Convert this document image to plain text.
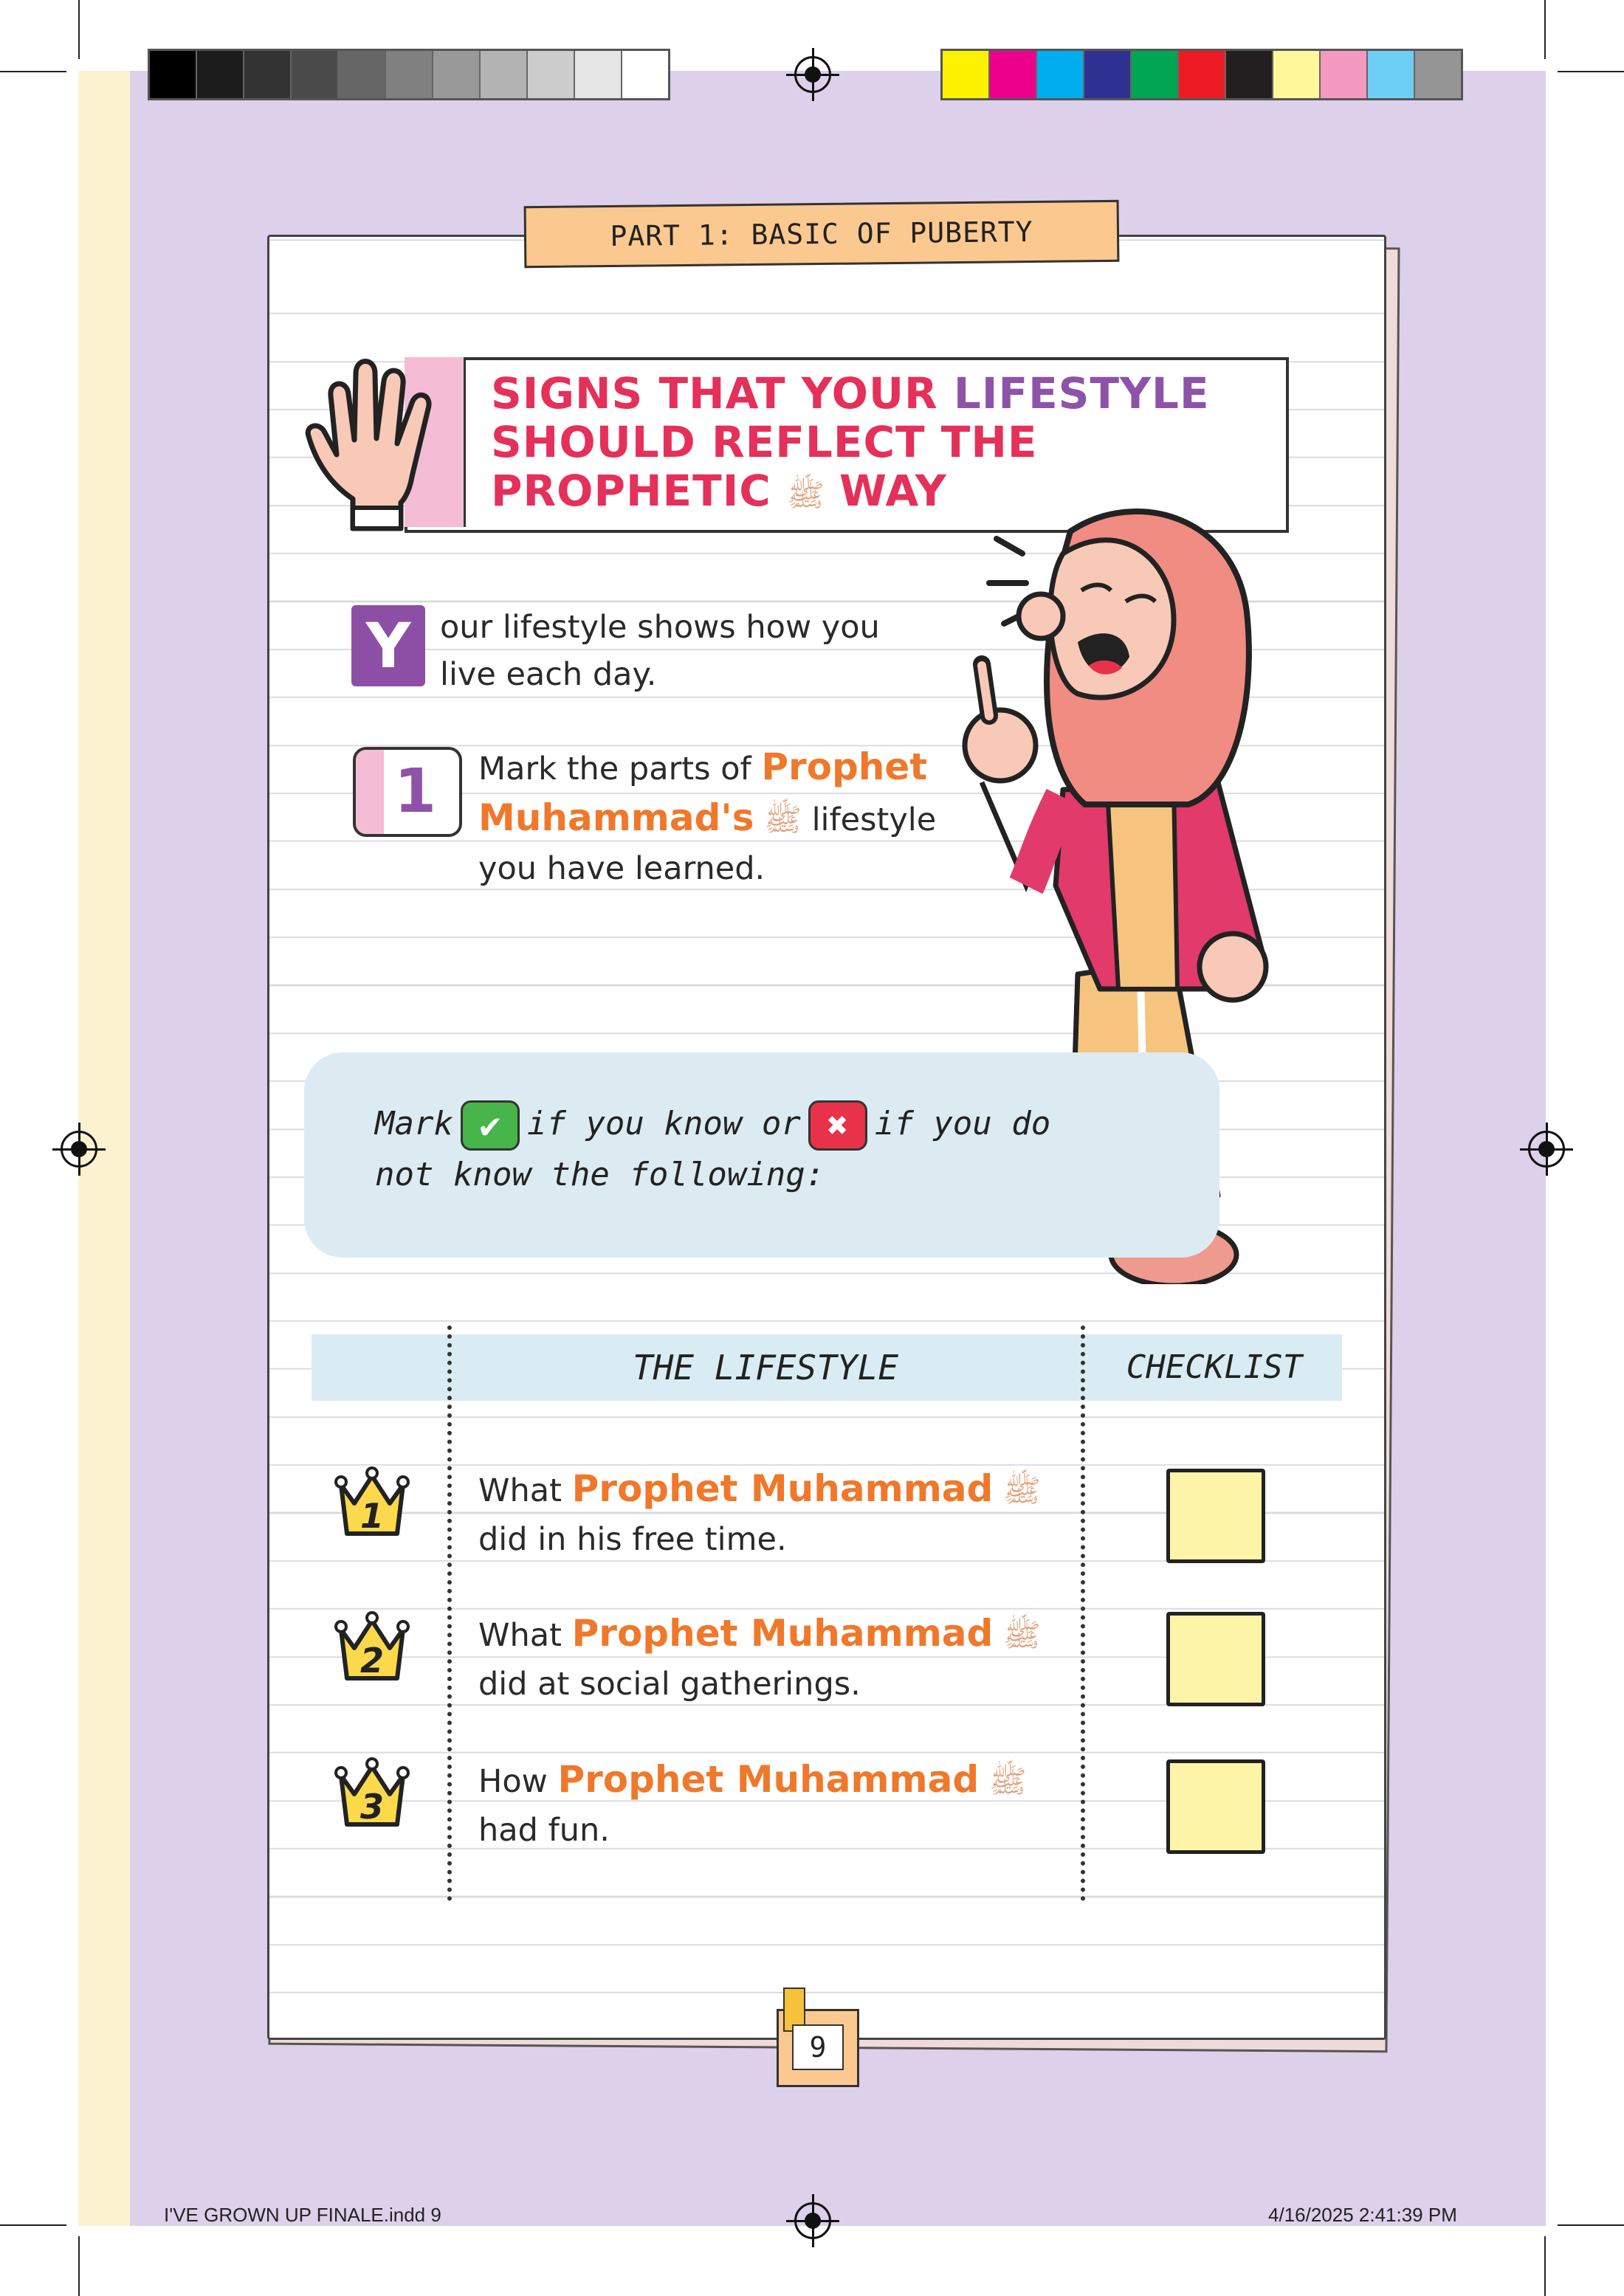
PART 1: BASIC OF PUBERTY
SIGNS THAT YOUR LIFESTYLE
SHOULD REFLECT THE
PROPHETIC ﷺ WAY
Y our lifestyle shows how you
live each day.
1 Mark the parts of Prophet
Muhammad's ﷺ lifestyle
you have learned.
Mark ✔ if you know or ✖ if you do
not know the following:
THE LIFESTYLE	CHECKLIST
1
What Prophet Muhammad ﷺ
did in his free time.
2
What Prophet Muhammad ﷺ
did at social gatherings.
3
How Prophet Muhammad ﷺ
had fun.
9
I'VE GROWN UP FINALE.indd 9	4/16/2025 2:41:39 PM
